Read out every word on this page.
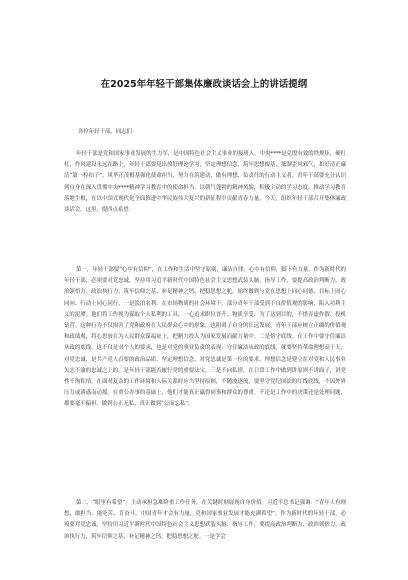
在2025年年轻干部集体廉政谈话会上的讲话提纲
各位年轻干部、同志们：

年轻干部是党和国家事业发展的生力军，是中国特色社会主义事业的接班人。中央****是兑殷有效的铁规矩，硬杠杠，作风建设永远在路上，年轻干部要党出放好理论学习，坚定理想信念，筑牢思想根基，抵制歪风邪气，扣好清正廉洁“第一粒扣子”，风华正茂根基强化使命担当，努力在筑建动、做有理想、负责任的行动主义者。青年干部要充分认识到自身在深入贯彻中央****精神学习教育中的使命担当，以朝气蓬勃的精神风貌、积极主动的学习态度，推动学习教育落地生根，在以中国式现代化全面推进中华民族伟大复兴的新征程中贡献青春力量。今天，组织年轻干部召开集体廉政谈话会，这里，提四点希望：

第一，年轻干部要“心中有信仰”，在工作和生活中坚守原则，廉洁自律。心中有信仰，脚下有力量。作为新时代的年轻干部，必须要对党忠诚，坚持用习近平新时代中国特色社会主义思想武装头脑，指导工作，要提高政治判断力、政治领悟力、政治执行力，筑牢信仰之基、补足精神之钙、把稳思想之舵，始终做到与党在思想上同心同德、目标上同心同向、行动上同心同行，一是淡泊名利。在市场物质的社会环境下，部分青年干部受到不良价值观的影响，陷入功利主义的泥潭。他们将工作视为谋取个人私利的工具，一心追求职位晋升、物质享受，为了达到目的，不惜弄虚作假、投机钻营。这种行为不仅损害了党和政府在人民群众心中的形象，也阻碍了自身的长远发展。青年干部应树立正确的价值观和政绩观，将心思放在为人民群众谋福祉上，把精力投入为国家发展而献力量中。二是恪守底线。在工作中要守住廉洁从政的底线，这不仅是对个人的要求，也是对党的事业负责的表现。守住廉洁从政的底线，就要坚持革命理想高于天，对党忠诚，是共产党人首要的政治品质，坚定理想信念，对党忠诚是第一位的要求。理想信念是建立在对党和人民事业矢志不渝的忠诚之上的。是年轻干部能否履行党的重要法宝，三是不向私情，在日常工作中做到讲原则不讲面子，讲党性不徇私情，在面对复杂的工作环境和人际关系时应当坚持原则，不随波逐流，要坚守党纪国法的红线底线，不因外界压力或诱惑而动摇。在重公办事的基础上，他们才能真正赢得同事和群众的尊重。不论是工作中的决策还是处理问题，都要毫不偏袒，做到公正无私、真正做到“公而忘私”。

第二，“眼里有希望”，主动承担急难险重工作任务，在关键时刻展现自身价值。习近平总书记强调：“青年人有理想、敢担当、能吃苦、肯奋斗，中国青年才会有力量，党和国家事业发展才能充满希望”。作为新时代的年轻干部，必须要对党忠诚，坚持用习近平新时代中国特色社会主义思想武装头脑、指导工作，要提高政治判断力、政治领悟力、政治执行力，筑牢信仰之基、补足精神之钙、把稳思想之舵。一是学会
